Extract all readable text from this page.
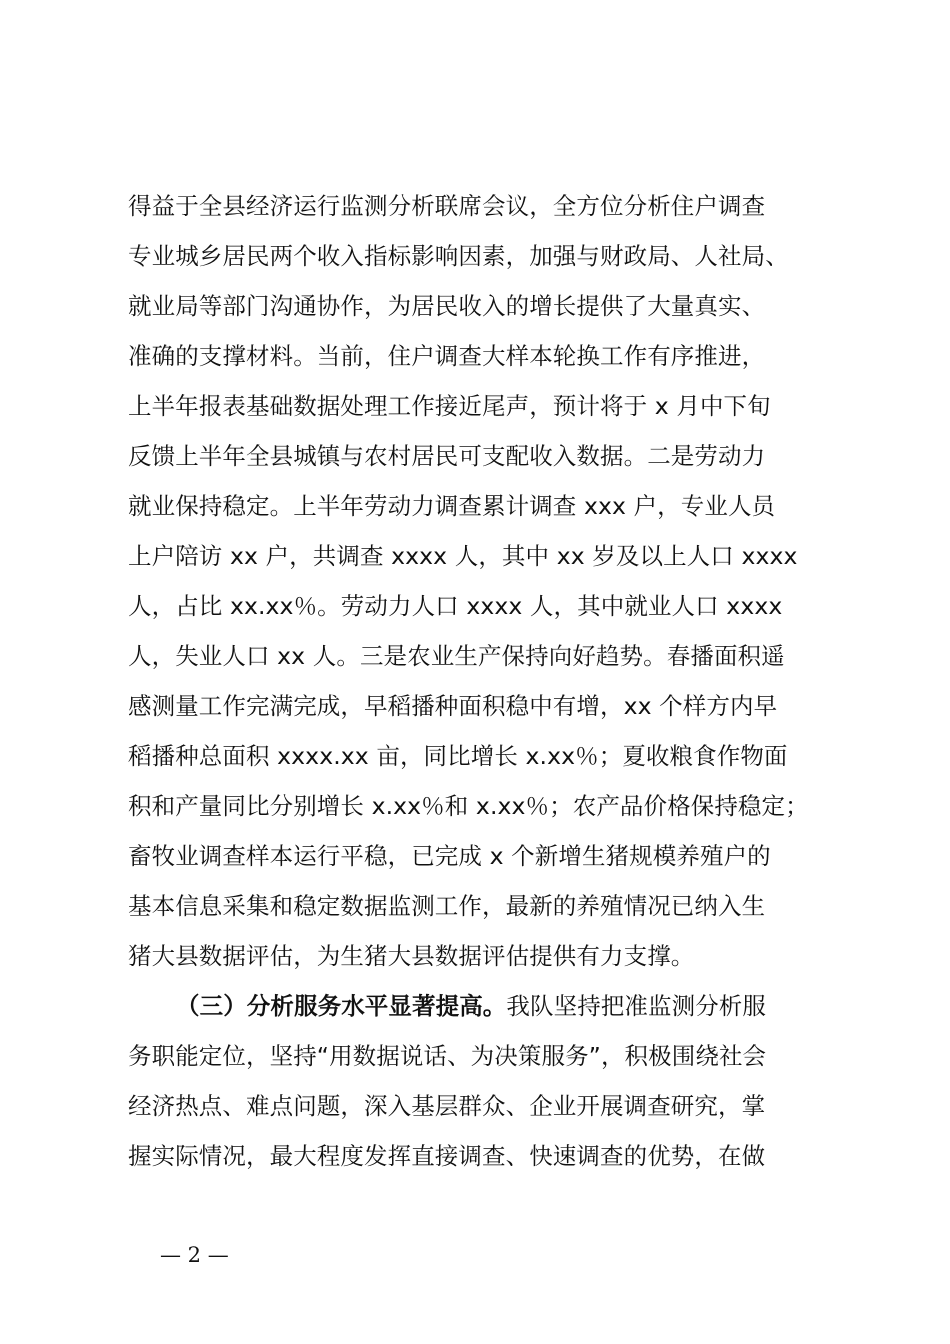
得益于全县经济运行监测分析联席会议，全方位分析住户调查
专业城乡居民两个收入指标影响因素，加强与财政局、人社局、
就业局等部门沟通协作，为居民收入的增长提供了大量真实、
准确的支撑材料。当前，住户调查大样本轮换工作有序推进，
上半年报表基础数据处理工作接近尾声，预计将于 x 月中下旬
反馈上半年全县城镇与农村居民可支配收入数据。二是劳动力
就业保持稳定。上半年劳动力调查累计调查 xxx 户，专业人员
上户陪访 xx 户，共调查 xxxx 人，其中 xx 岁及以上人口 xxxx
人，占比 xx.xx％。劳动力人口 xxxx 人，其中就业人口 xxxx
人，失业人口 xx 人。三是农业生产保持向好趋势。春播面积遥
感测量工作完满完成，早稻播种面积稳中有增，xx 个样方内早
稻播种总面积 xxxx.xx 亩，同比增长 x.xx％；夏收粮食作物面
积和产量同比分别增长 x.xx％和 x.xx％；农产品价格保持稳定；
畜牧业调查样本运行平稳，已完成 x 个新增生猪规模养殖户的
基本信息采集和稳定数据监测工作，最新的养殖情况已纳入生
猪大县数据评估，为生猪大县数据评估提供有力支撑。
（三）分析服务水平显著提高。我队坚持把准监测分析服
务职能定位，坚持“用数据说话、为决策服务”，积极围绕社会
经济热点、难点问题，深入基层群众、企业开展调查研究，掌
握实际情况，最大程度发挥直接调查、快速调查的优势，在做
— 2 —
